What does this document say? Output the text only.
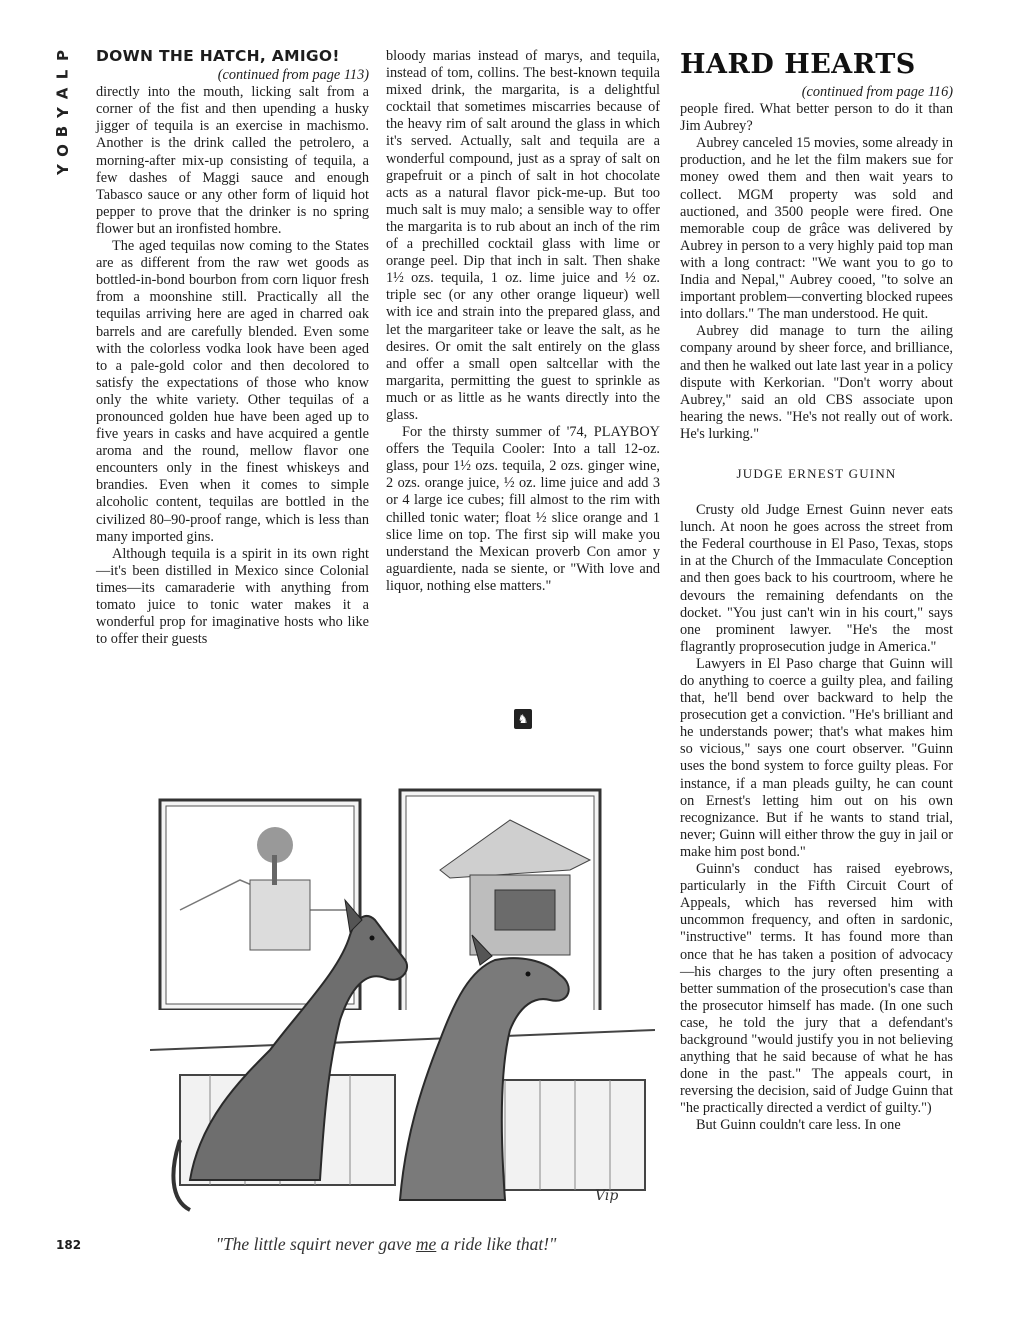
P
L
A
Y
B
O
Y
DOWN THE HATCH, AMIGO!

(continued from page 113)

directly into the mouth, licking salt from a corner of the fist and then upending a husky jigger of tequila is an exercise in machismo. Another is the drink called the petrolero, a morning-after mix-up consisting of tequila, a few dashes of Maggi sauce and enough Tabasco sauce or any other form of liquid hot pepper to prove that the drinker is no spring flower but an ironfisted hombre.

The aged tequilas now coming to the States are as different from the raw wet goods as bottled-in-bond bourbon from corn liquor fresh from a moonshine still. Practically all the tequilas arriving here are aged in charred oak barrels and are carefully blended. Even some with the colorless vodka look have been aged to a pale-gold color and then decolored to satisfy the expectations of those who know only the white variety. Other tequilas of a pronounced golden hue have been aged up to five years in casks and have acquired a gentle aroma and the round, mellow flavor one encounters only in the finest whiskeys and brandies. Even when it comes to simple alcoholic content, tequilas are bottled in the civilized 80–90-proof range, which is less than many imported gins.

Although tequila is a spirit in its own right—it's been distilled in Mexico since Colonial times—its camaraderie with anything from tomato juice to tonic water makes it a wonderful prop for imaginative hosts who like to offer their guests

bloody marias instead of marys, and tequila, instead of tom, collins. The best-known tequila mixed drink, the margarita, is a delightful cocktail that sometimes miscarries because of the heavy rim of salt around the glass in which it's served. Actually, salt and tequila are a wonderful compound, just as a spray of salt on grapefruit or a pinch of salt in hot chocolate acts as a natural flavor pick-me-up. But too much salt is muy malo; a sensible way to offer the margarita is to rub about an inch of the rim of a prechilled cocktail glass with lime or orange peel. Dip that inch in salt. Then shake 1½ ozs. tequila, 1 oz. lime juice and ½ oz. triple sec (or any other orange liqueur) well with ice and strain into the prepared glass, and let the margariteer take or leave the salt, as he desires. Or omit the salt entirely on the glass and offer a small open saltcellar with the margarita, permitting the guest to sprinkle as much or as little as he wants directly into the glass.

For the thirsty summer of '74, PLAYBOY offers the Tequila Cooler: Into a tall 12-oz. glass, pour 1½ ozs. tequila, 2 ozs. ginger wine, 2 ozs. orange juice, ½ oz. lime juice and add 3 or 4 large ice cubes; fill almost to the rim with chilled tonic water; float ½ slice orange and 1 slice lime on top. The first sip will make you understand the Mexican proverb Con amor y aguardiente, nada se siente, or "With love and liquor, nothing else matters."

♞
HARD HEARTS

(continued from page 116)

people fired. What better person to do it than Jim Aubrey?

Aubrey canceled 15 movies, some already in production, and he let the film makers sue for money owed them and then wait years to collect. MGM property was sold and auctioned, and 3500 people were fired. One memorable coup de grâce was delivered by Aubrey in person to a very highly paid top man with a long contract: "We want you to go to India and Nepal," Aubrey cooed, "to solve an important problem—converting blocked rupees into dollars." The man understood. He quit.

Aubrey did manage to turn the ailing company around by sheer force, and brilliance, and then he walked out late last year in a policy dispute with Kerkorian. "Don't worry about Aubrey," said an old CBS associate upon hearing the news. "He's not really out of work. He's lurking."

JUDGE ERNEST GUINN

Crusty old Judge Ernest Guinn never eats lunch. At noon he goes across the street from the Federal courthouse in El Paso, Texas, stops in at the Church of the Immaculate Conception and then goes back to his courtroom, where he devours the remaining defendants on the docket. "You just can't win in his court," says one prominent lawyer. "He's the most flagrantly proprosecution judge in America."

Lawyers in El Paso charge that Guinn will do anything to coerce a guilty plea, and failing that, he'll bend over backward to help the prosecution get a conviction. "He's brilliant and he understands power; that's what makes him so vicious," says one court observer. "Guinn uses the bond system to force guilty pleas. For instance, if a man pleads guilty, he can count on Ernest's letting him out on his own recognizance. But if he wants to stand trial, never; Guinn will either throw the guy in jail or make him post bond."

Guinn's conduct has raised eyebrows, particularly in the Fifth Circuit Court of Appeals, which has reversed him with uncommon frequency, and often in sardonic, "instructive" terms. It has found more than once that he has taken a position of advocacy—his charges to the jury often presenting a better summation of the prosecution's case than the prosecutor himself has made. (In one such case, he told the jury that a defendant's background "would justify you in not believing anything that he said because of what he has done in the past." The appeals court, in reversing the decision, said of Judge Guinn that "he practically directed a verdict of guilty.")

But Guinn couldn't care less. In one

Vip
"The little squirt never gave me a ride like that!"
182
